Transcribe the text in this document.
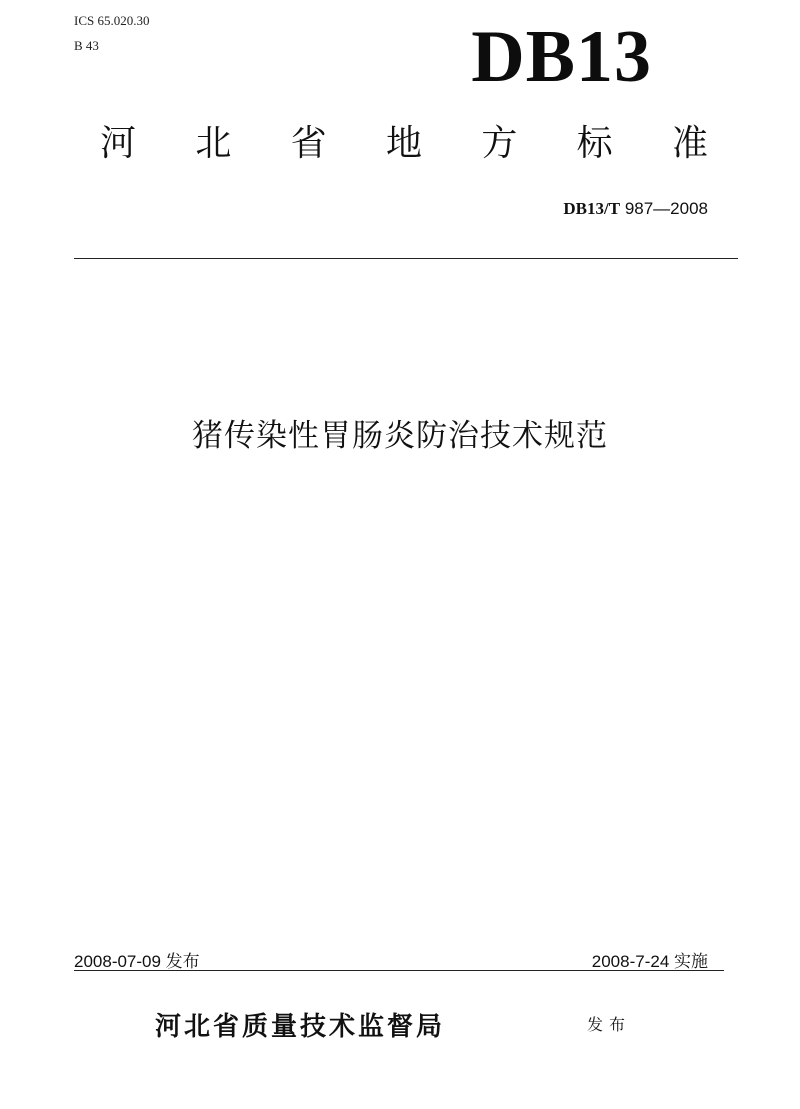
ICS 65.020.30
B 43	DB13
河 北 省 地 方 标 准
DB13/T 987—2008
猪传染性胃肠炎防治技术规范
2008-07-09 发布	2008-7-24 实施
河北省质量技术监督局	发布
